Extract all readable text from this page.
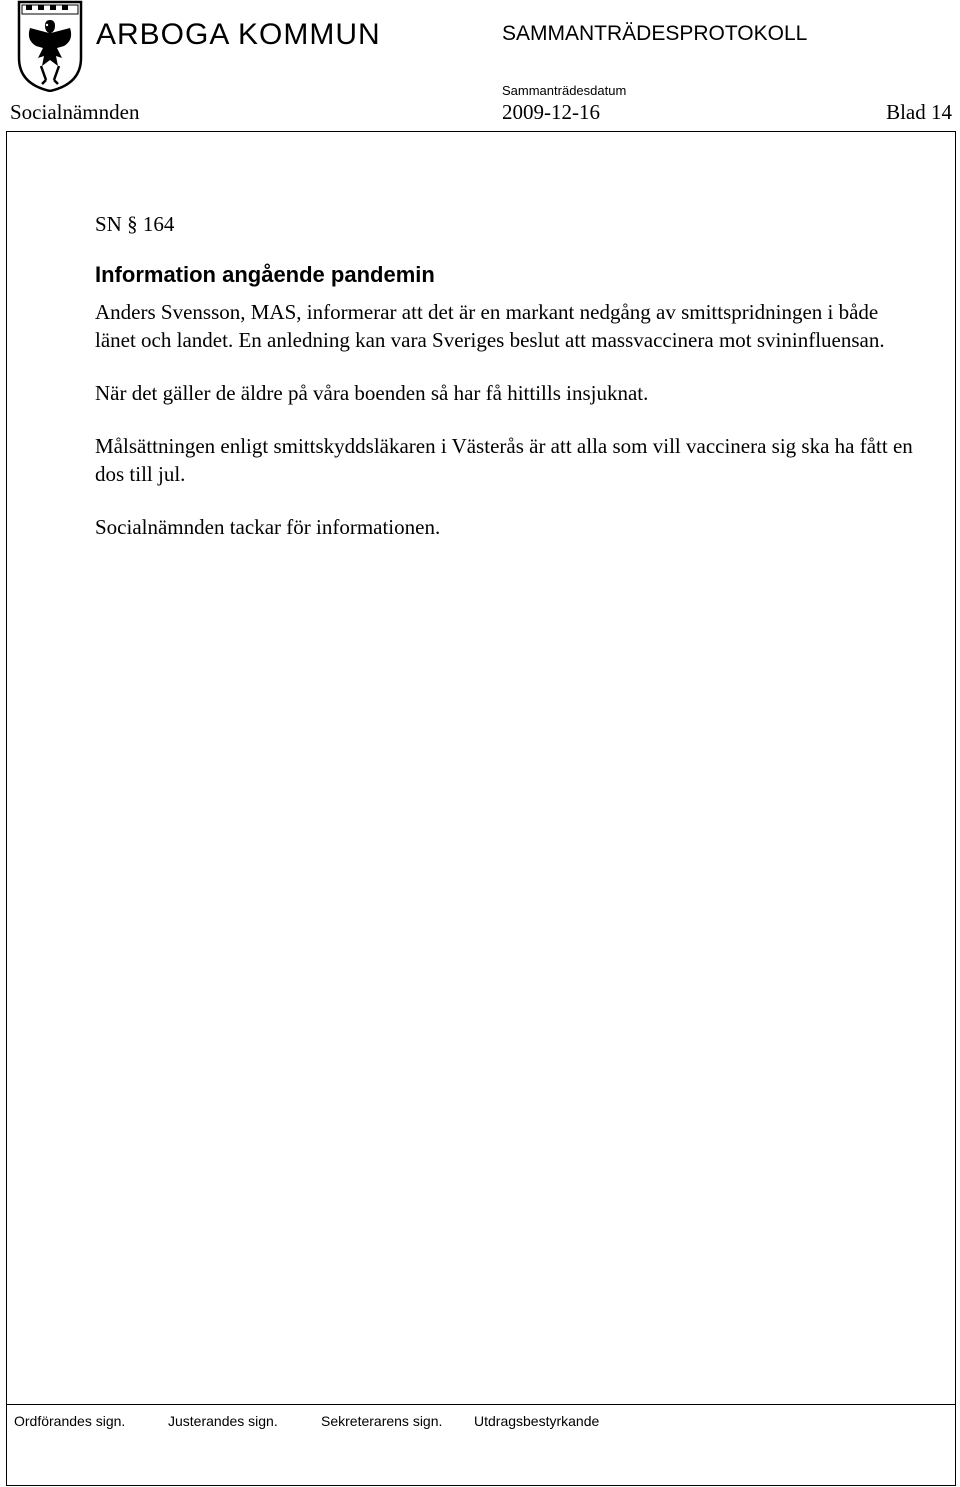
ARBOGA KOMMUN	SAMMANTRÄDESPROTOKOLL
Sammanträdesdatum
Socialnämnden	2009-12-16	Blad 14
SN § 164
Information angående pandemin

Anders Svensson, MAS, informerar att det är en markant nedgång av smittspridningen i både länet och landet. En anledning kan vara Sveriges beslut att massvaccinera mot svininfluensan.

När det gäller de äldre på våra boenden så har få hittills insjuknat.

Målsättningen enligt smittskyddsläkaren i Västerås är att alla som vill vaccinera sig ska ha fått en dos till jul.

Socialnämnden tackar för informationen.

Ordförandes sign.	Justerandes sign.	Sekreterarens sign. Utdragsbestyrkande
